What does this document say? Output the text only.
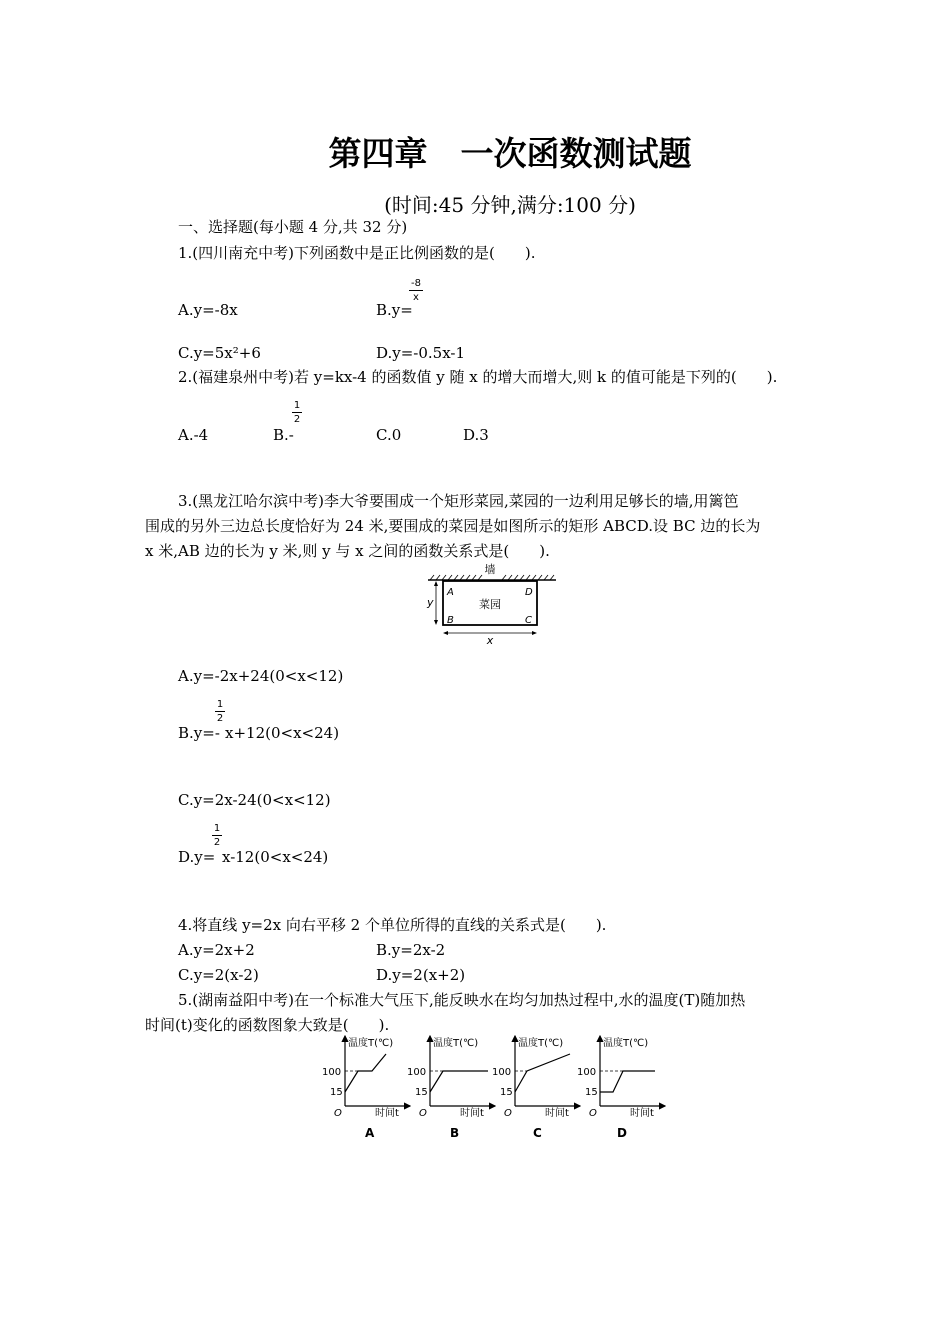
第四章　一次函数测试题
(时间:45 分钟,满分:100 分)
一、选择题(每小题 4 分,共 32 分)
1.(四川南充中考)下列函数中是正比例函数的是(　　).
A.y=-8x	B.y=
-8
x
C.y=5x²+6	D.y=-0.5x-1
2.(福建泉州中考)若 y=kx-4 的函数值 y 随 x 的增大而增大,则 k 的值可能是下列的(　　).
A.-4	B.-
1
2
C.0	D.3
3.(黑龙江哈尔滨中考)李大爷要围成一个矩形菜园,菜园的一边利用足够长的墙,用篱笆
围成的另外三边总长度恰好为 24 米,要围成的菜园是如图所示的矩形 ABCD.设 BC 边的长为
x 米,AB 边的长为 y 米,则 y 与 x 之间的函数关系式是(　　).
墙
菜园
A
B	C
D
y
x
A.y=-2x+24(0<x<12)
B.y=-
1
2
x+12(0<x<24)
C.y=2x-24(0<x<12)
D.y=
1
2
x-12(0<x<24)
4.将直线 y=2x 向右平移 2 个单位所得的直线的关系式是(　　).
A.y=2x+2	B.y=2x-2
C.y=2(x-2)	D.y=2(x+2)
5.(湖南益阳中考)在一个标准大气压下,能反映水在均匀加热过程中,水的温度(T)随加热
时间(t)变化的函数图象大致是(　　).
温度T(℃)
时间t
O
100
15
A
温度T(℃)
时间t
O
100
15
B
温度T(℃)
时间t
O
100
15
C
温度T(℃)
时间t
O
100
15
D
